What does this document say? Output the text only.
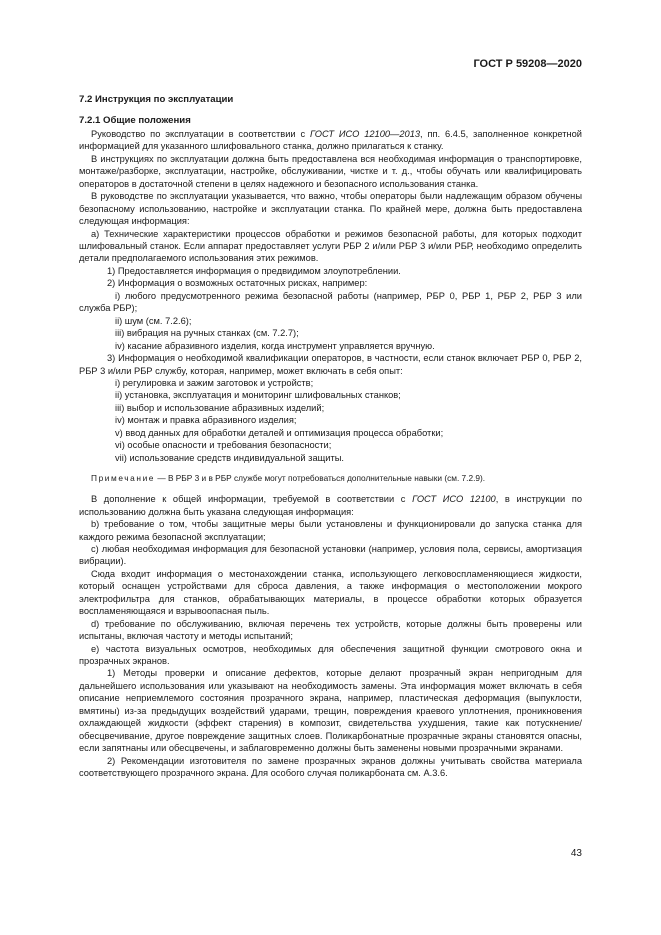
ГОСТ Р 59208—2020

7.2 Инструкция по эксплуатации

7.2.1 Общие положения

Руководство по эксплуатации в соответствии с ГОСТ ИСО 12100—2013, пп. 6.4.5, заполненное конкретной информацией для указанного шлифовального станка, должно прилагаться к станку.

В инструкциях по эксплуатации должна быть предоставлена вся необходимая информация о транспортировке, монтаже/разборке, эксплуатации, настройке, обслуживании, чистке и т. д., чтобы обучать или квалифицировать операторов в достаточной степени в целях надежного и безопасного использования станка.

В руководстве по эксплуатации указывается, что важно, чтобы операторы были надлежащим образом обучены безопасному использованию, настройке и эксплуатации станка. По крайней мере, должна быть предоставлена следующая информация:

а) Технические характеристики процессов обработки и режимов безопасной работы, для которых подходит шлифовальный станок. Если аппарат предоставляет услуги РБР 2 и/или РБР 3 и/или РБР, необходимо определить детали предполагаемого использования этих режимов.

1) Предоставляется информация о предвидимом злоупотреблении.

2) Информация о возможных остаточных рисках, например:

i) любого предусмотренного режима безопасной работы (например, РБР 0, РБР 1, РБР 2, РБР 3 или служба РБР);

ii) шум (см. 7.2.6);

iii) вибрация на ручных станках (см. 7.2.7);

iv) касание абразивного изделия, когда инструмент управляется вручную.

3) Информация о необходимой квалификации операторов, в частности, если станок включает РБР 0, РБР 2, РБР 3 и/или РБР службу, которая, например, может включать в себя опыт:

i) регулировка и зажим заготовок и устройств;

ii) установка, эксплуатация и мониторинг шлифовальных станков;

iii) выбор и использование абразивных изделий;

iv) монтаж и правка абразивного изделия;

v) ввод данных для обработки деталей и оптимизация процесса обработки;

vi) особые опасности и требования безопасности;

vii) использование средств индивидуальной защиты.

Примечание — В РБР 3 и в РБР службе могут потребоваться дополнительные навыки (см. 7.2.9).

В дополнение к общей информации, требуемой в соответствии с ГОСТ ИСО 12100, в инструкции по использованию должна быть указана следующая информация:

b) требование о том, чтобы защитные меры были установлены и функционировали до запуска станка для каждого режима безопасной эксплуатации;

c) любая необходимая информация для безопасной установки (например, условия пола, сервисы, амортизация вибрации).

Сюда входит информация о местонахождении станка, использующего легковоспламеняющиеся жидкости, который оснащен устройствами для сброса давления, а также информация о местоположении мокрого электрофильтра для станков, обрабатывающих материалы, в процессе обработки которых образуется воспламеняющаяся и взрывоопасная пыль.

d) требование по обслуживанию, включая перечень тех устройств, которые должны быть проверены или испытаны, включая частоту и методы испытаний;

е) частота визуальных осмотров, необходимых для обеспечения защитной функции смотрового окна и прозрачных экранов.

1) Методы проверки и описание дефектов, которые делают прозрачный экран непригодным для дальнейшего использования или указывают на необходимость замены. Эта информация может включать в себя описание неприемлемого состояния прозрачного экрана, например, пластическая деформация (выпуклости, вмятины) из-за предыдущих воздействий ударами, трещин, повреждения краевого уплотнения, проникновения охлаждающей жидкости (эффект старения) в композит, свидетельства ухудшения, такие как потускнение/обесцвечивание, другое повреждение защитных слоев. Поликарбонатные прозрачные экраны становятся опасны, если запятнаны или обесцвечены, и заблаговременно должны быть заменены новыми прозрачными экранами.

2) Рекомендации изготовителя по замене прозрачных экранов должны учитывать свойства материала соответствующего прозрачного экрана. Для особого случая поликарбоната см. А.3.6.

43
